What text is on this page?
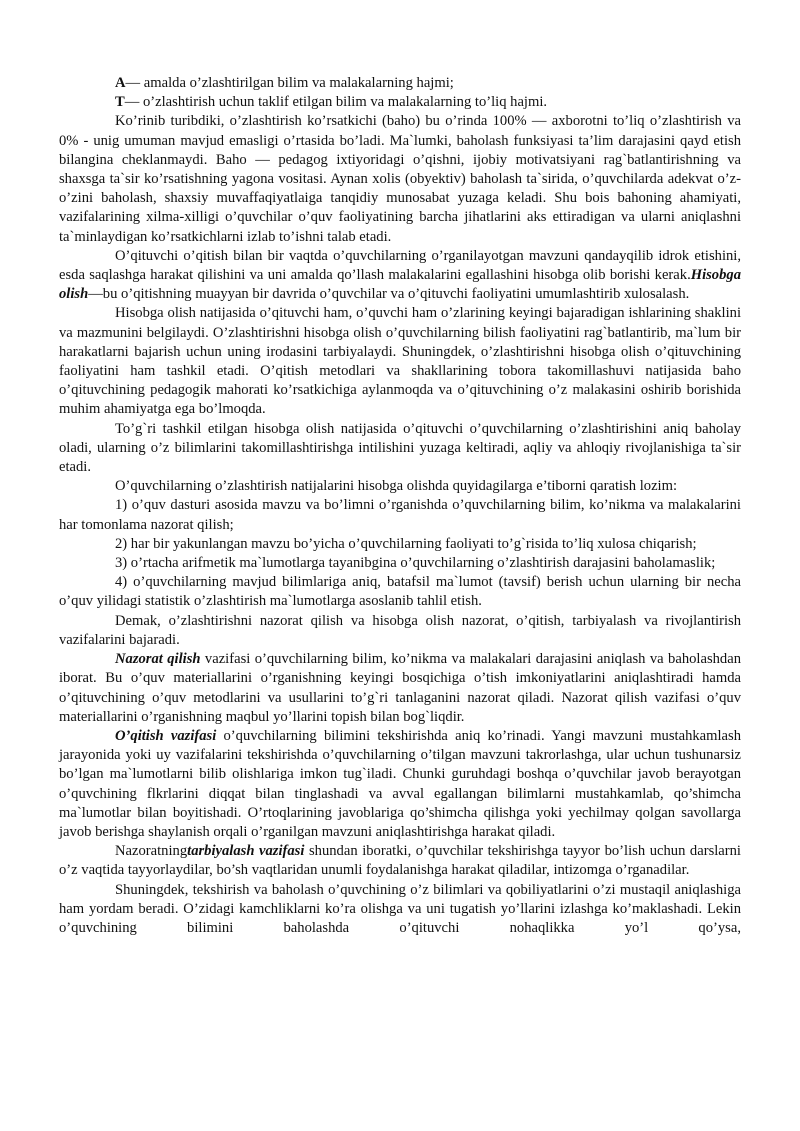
A— amalda o’zlashtirilgan bilim va malakalarning hajmi;

T— o’zlashtirish uchun taklif etilgan bilim va malakalarning to’liq hajmi.

Ko’rinib turibdiki, o’zlashtirish ko’rsatkichi (baho) bu o’rinda 100% — axborotni to’liq o’zlashtirish va 0% - unig umuman mavjud emasligi o’rtasida bo’ladi. Ma`lumki, baholash funksiyasi ta’lim darajasini qayd etish bilangina cheklanmaydi. Baho — pedagog ixtiyoridagi o’qishni, ijobiy motivatsiyani rag`batlantirishning va shaxsga ta`sir ko’rsatishning yagona vositasi. Aynan xolis (obyektiv) baholash ta`sirida, o’quvchilarda adekvat o’z-o’zini baholash, shaxsiy muvaffaqiyatlaiga tanqidiy munosabat yuzaga keladi. Shu bois bahoning ahamiyati, vazifalarining xilma-xilligi o’quvchilar o’quv faoliyatining barcha jihatlarini aks ettiradigan va ularni aniqlashni ta`minlaydigan ko’rsatkichlarni izlab to’ishni talab etadi.

O’qituvchi o’qitish bilan bir vaqtda o’quvchilarning o’rganilayotgan mavzuni qandayqilib idrok etishini, esda saqlashga harakat qilishini va uni amalda qo’llash malakalarini egallashini hisobga olib borishi kerak.Hisobga olish—bu o’qitishning muayyan bir davrida o’quvchilar va o’qituvchi faoliyatini umumlashtirib xulosalash.

Hisobga olish natijasida o’qituvchi ham, o’quvchi ham o’zlarining keyingi bajaradigan ishlarining shaklini va mazmunini belgilaydi. O’zlashtirishni hisobga olish o’quvchilarning bilish faoliyatini rag`batlantirib, ma`lum bir harakatlarni bajarish uchun uning irodasini tarbiyalaydi. Shuningdek, o’zlashtirishni hisobga olish o’qituvchining faoliyatini ham tashkil etadi. O’qitish metodlari va shakllarining tobora takomillashuvi natijasida baho o’qituvchining pedagogik mahorati ko’rsatkichiga aylanmoqda va o’qituvchining o’z malakasini oshirib borishida muhim ahamiyatga ega bo’lmoqda.

To’g`ri tashkil etilgan hisobga olish natijasida o’qituvchi o’quvchilarning o’zlashtirishini aniq baholay oladi, ularning o’z bilimlarini takomillashtirishga intilishini yuzaga keltiradi, aqliy va ahloqiy rivojlanishiga ta`sir etadi.

O’quvchilarning o’zlashtirish natijalarini hisobga olishda quyidagilarga e’tiborni qaratish lozim:

1) o’quv dasturi asosida mavzu va bo’limni o’rganishda o’quvchilarning bilim, ko’nikma va malakalarini har tomonlama nazorat qilish;

2) har bir yakunlangan mavzu bo’yicha o’quvchilarning faoliyati to’g`risida to’liq xulosa chiqarish;

3) o’rtacha arifmetik ma`lumotlarga tayanibgina o’quvchilarning o’zlashtirish darajasini baholamaslik;

4) o’quvchilarning mavjud bilimlariga aniq, batafsil ma`lumot (tavsif) berish uchun ularning bir necha o’quv yilidagi statistik o’zlashtirish ma`lumotlarga asoslanib tahlil etish.

Demak, o’zlashtirishni nazorat qilish va hisobga olish nazorat, o’qitish, tarbiyalash va rivojlantirish vazifalarini bajaradi.

Nazorat qilish vazifasi o’quvchilarning bilim, ko’nikma va malakalari darajasini aniqlash va baholashdan iborat. Bu o’quv materiallarini o’rganishning keyingi bosqichiga o’tish imkoniyatlarini aniqlashtiradi hamda o’qituvchining o’quv metodlarini va usullarini to’g`ri tanlaganini nazorat qiladi. Nazorat qilish vazifasi o’quv materiallarini o’rganishning maqbul yo’llarini topish bilan bog`liqdir.

O’qitish vazifasi o’quvchilarning bilimini tekshirishda aniq ko’rinadi. Yangi mavzuni mustahkamlash jarayonida yoki uy vazifalarini tekshirishda o’quvchilarning o’tilgan mavzuni takrorlashga, ular uchun tushunarsiz bo’lgan ma`lumotlarni bilib olishlariga imkon tug`iladi. Chunki guruhdagi boshqa o’quvchilar javob berayotgan o’quvchining flkrlarini diqqat bilan tinglashadi va avval egallangan bilimlarni mustahkamlab, qo’shimcha ma`lumotlar bilan boyitishadi. O’rtoqlarining javoblariga qo’shimcha qilishga yoki yechilmay qolgan savollarga javob berishga shaylanish orqali o’rganilgan mavzuni aniqlashtirishga harakat qiladi.

Nazoratningtarbiyalash vazifasi shundan iboratki, o’quvchilar tekshirishga tayyor bo’lish uchun darslarni o’z vaqtida tayyorlaydilar, bo’sh vaqtlaridan unumli foydalanishga harakat qiladilar, intizomga o’rganadilar.

Shuningdek, tekshirish va baholash o’quvchining o’z bilimlari va qobiliyatlarini o’zi mustaqil aniqlashiga ham yordam beradi. O’zidagi kamchliklarni ko’ra olishga va uni tugatish yo’llarini izlashga ko’maklashadi. Lekin o’quvchining bilimini baholashda o’qituvchi nohaqlikka yo’l qo’ysa,
